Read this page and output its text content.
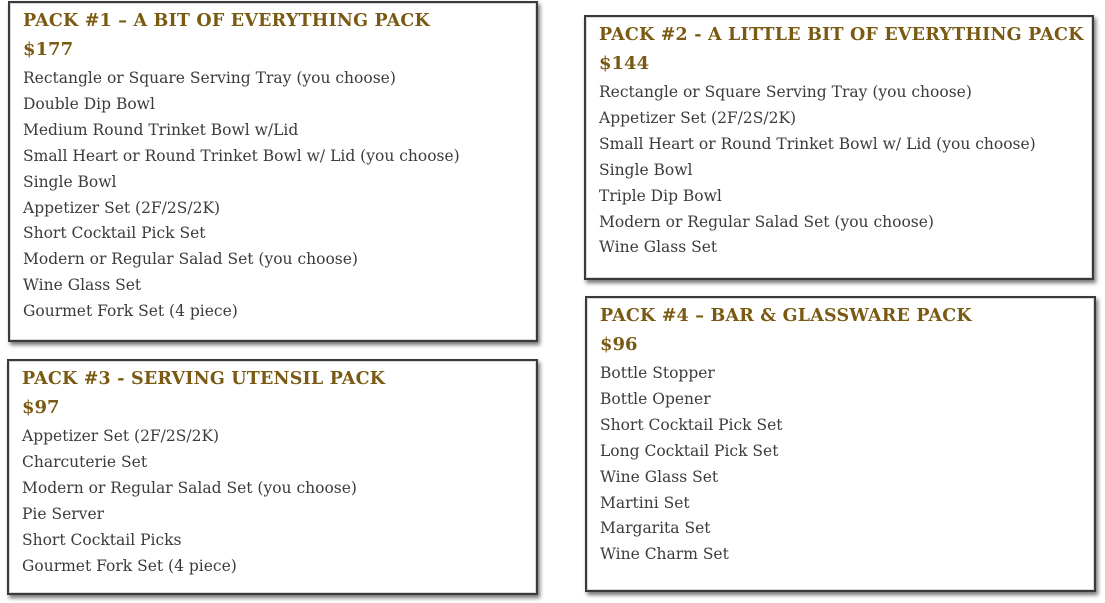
PACK #1 – A BIT OF EVERYTHING PACK
$177
Rectangle or Square Serving Tray (you choose)
Double Dip Bowl
Medium Round Trinket Bowl w/Lid
Small Heart or Round Trinket Bowl w/ Lid (you choose)
Single Bowl
Appetizer Set (2F/2S/2K)
Short Cocktail Pick Set
Modern or Regular Salad Set (you choose)
Wine Glass Set
Gourmet Fork Set (4 piece)
PACK #2 - A LITTLE BIT OF EVERYTHING PACK
$144
Rectangle or Square Serving Tray (you choose)
Appetizer Set (2F/2S/2K)
Small Heart or Round Trinket Bowl w/ Lid (you choose)
Single Bowl
Triple Dip Bowl
Modern or Regular Salad Set (you choose)
Wine Glass Set
PACK #3 - SERVING UTENSIL PACK
$97
Appetizer Set (2F/2S/2K)
Charcuterie Set
Modern or Regular Salad Set (you choose)
Pie Server
Short Cocktail Picks
Gourmet Fork Set (4 piece)
PACK #4 – BAR & GLASSWARE PACK
$96
Bottle Stopper
Bottle Opener
Short Cocktail Pick Set
Long Cocktail Pick Set
Wine Glass Set
Martini Set
Margarita Set
Wine Charm Set
